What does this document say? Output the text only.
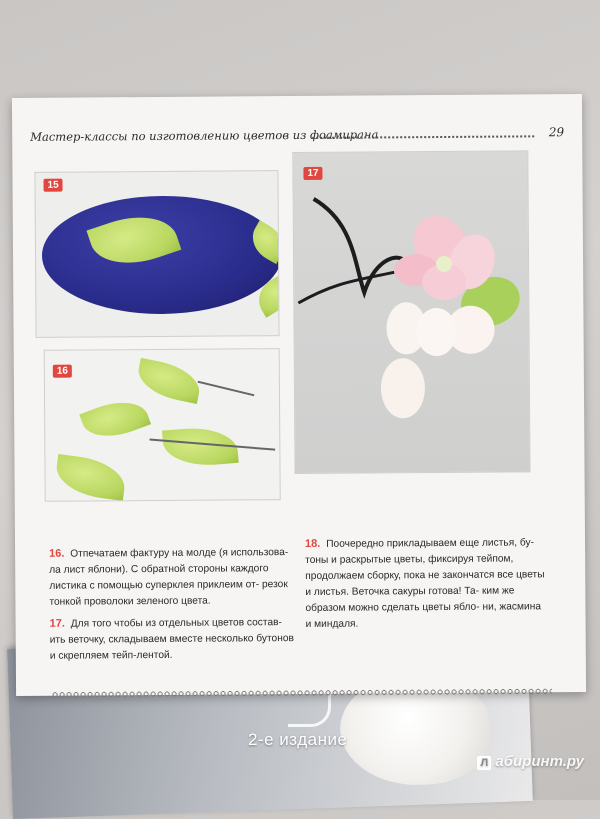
2-е издание
Мастер-классы по изготовлению цветов из фоамирана	29
15
16
17
16. Отпечатаем фактуру на молде (я использова- ла лист яблони). С обратной стороны каждого листика с помощью суперклея приклеим от- резок тонкой проволоки зеленого цвета.
17. Для того чтобы из отдельных цветов состав- ить веточку, складываем вместе несколько бутонов и скрепляем тейп-лентой.
18. Поочередно прикладываем еще листья, бу- тоны и раскрытые цветы, фиксируя тейпом, продолжаем сборку, пока не закончатся все цветы и листья. Веточка сакуры готова! Та- ким же образом можно сделать цветы ябло- ни, жасмина и миндаля.
Л абиринт.ру
